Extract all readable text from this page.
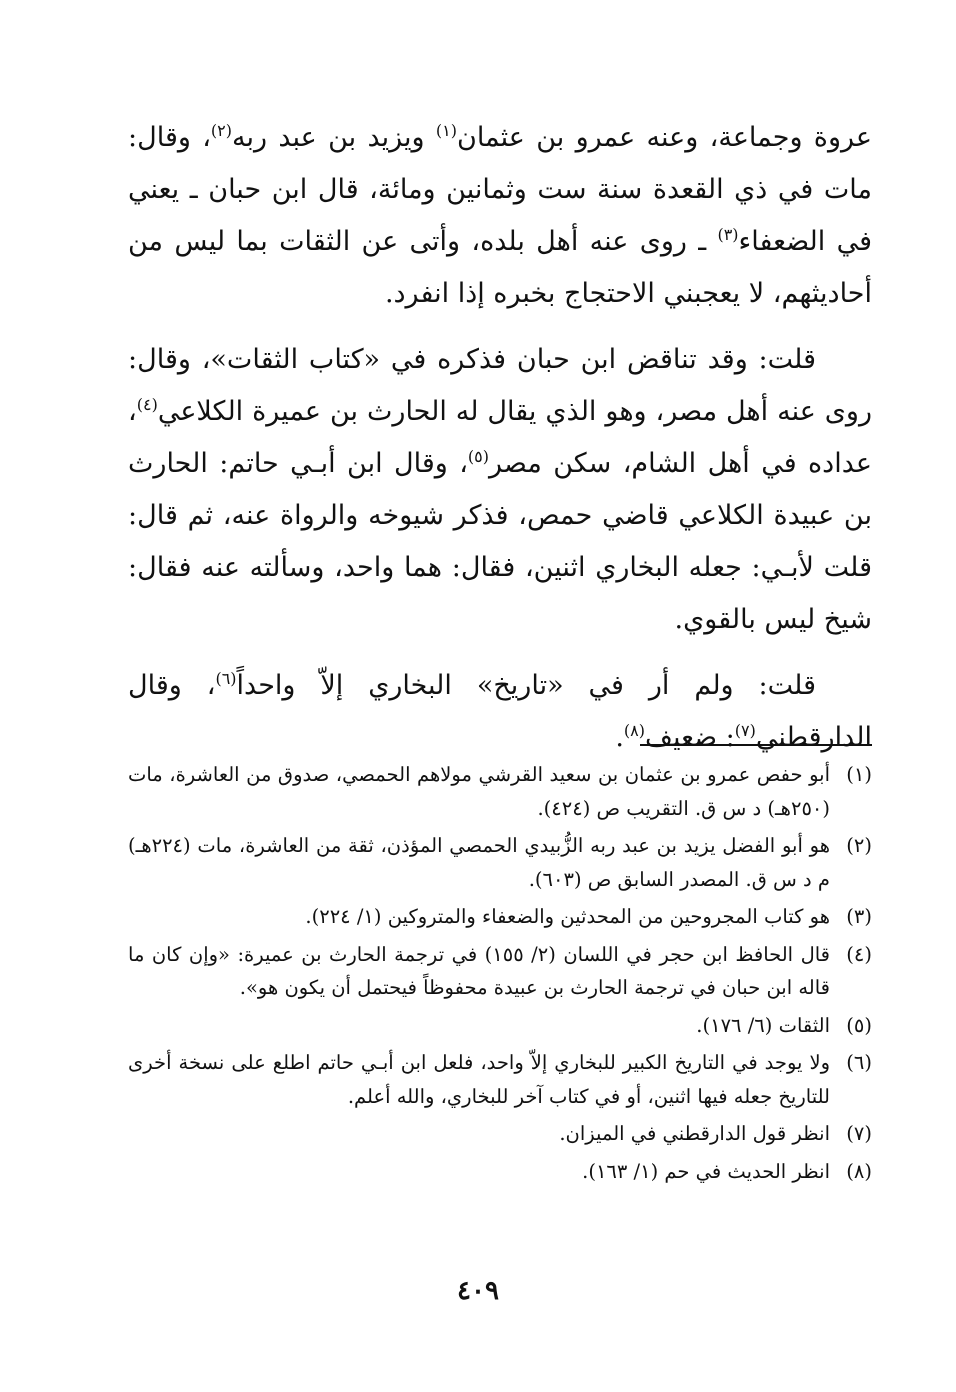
عروة وجماعة، وعنه عمرو بن عثمان$^{(١)}$ ويزيد بن عبد ربه$^{(٢)}$، وقال: مات في ذي القعدة سنة ست وثمانين ومائة، قال ابن حبان ـ يعني في الضعفاء$^{(٣)}$ ـ روى عنه أهل بلده، وأتى عن الثقات بما ليس من أحاديثهم، لا يعجبني الاحتجاج بخبره إذا انفرد.

قلت: وقد تناقض ابن حبان فذكره في «كتاب الثقات»، وقال: روى عنه أهل مصر، وهو الذي يقال له الحارث بن عميرة الكلاعي$^{(٤)}$، عداده في أهل الشام، سكن مصر$^{(٥)}$، وقال ابن أبـي حاتم: الحارث بن عبيدة الكلاعي قاضي حمص، فذكر شيوخه والرواة عنه، ثم قال: قلت لأبـي: جعله البخاري اثنين، فقال: هما واحد، وسألته عنه فقال: شيخ ليس بالقوي.

قلت: ولم أر في «تاريخ» البخاري إلاّ واحداً$^{(٦)}$، وقال الدارقطني$^{(٧)}$: ضعيف$^{(٨)}$.

(١)
أبو حفص عمرو بن عثمان بن سعيد القرشي مولاهم الحمصي، صدوق من العاشرة، مات (٢٥٠هـ) د س ق. التقريب ص (٤٢٤).
(٢)
هو أبو الفضل يزيد بن عبد ربه الزُّبيدي الحمصي المؤذن، ثقة من العاشرة، مات (٢٢٤هـ) م د س ق. المصدر السابق ص (٦٠٣).
(٣)
هو كتاب المجروحين من المحدثين والضعفاء والمتروكين (١/ ٢٢٤).
(٤)
قال الحافظ ابن حجر في اللسان (٢/ ١٥٥) في ترجمة الحارث بن عميرة: «وإن كان ما قاله ابن حبان في ترجمة الحارث بن عبيدة محفوظاً فيحتمل أن يكون هو».
(٥)
الثقات (٦/ ١٧٦).
(٦)
ولا يوجد في التاريخ الكبير للبخاري إلاّ واحد، فلعل ابن أبـي حاتم اطلع على نسخة أخرى للتاريخ جعله فيها اثنين، أو في كتاب آخر للبخاري، والله أعلم.
(٧)
انظر قول الدارقطني في الميزان.
(٨)
انظر الحديث في حم (١/ ١٦٣).
٤٠٩
